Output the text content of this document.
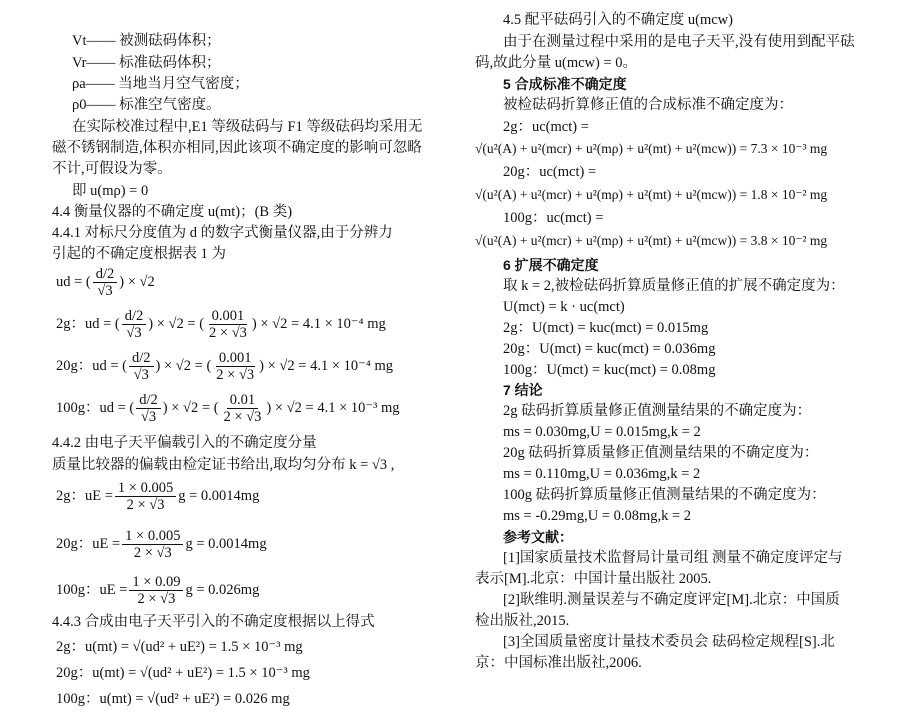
Vt—— 被测砝码体积；
Vr—— 标准砝码体积；
ρa—— 当地当月空气密度；
ρ0—— 标准空气密度。
在实际校准过程中,E1 等级砝码与 F1 等级砝码均采用无
磁不锈钢制造,体积亦相同,因此该项不确定度的影响可忽略
不计,可假设为零。
即 u(mρ) = 0
4.4 衡量仪器的不确定度 u(mt)；(B 类)
4.4.1 对标尺分度值为 d 的数字式衡量仪器,由于分辨力
引起的不确定度根据表 1 为
ud = ( $\frac{d/2}{√3}$ ) × √2
2g：ud = ( $\frac{d/2}{√3}$ ) × √2 = ( $\frac{0.001}{2 \times √3}$ ) × √2 = 4.1 × 10⁻⁴ mg
20g：ud = ( $\frac{d/2}{√3}$ ) × √2 = ( $\frac{0.001}{2 \times √3}$ ) × √2 = 4.1 × 10⁻⁴ mg
100g：ud = ( $\frac{d/2}{√3}$ ) × √2 = ( $\frac{0.01}{2 \times √3}$ ) × √2 = 4.1 × 10⁻³ mg
4.4.2 由电子天平偏载引入的不确定度分量
质量比较器的偏载由检定证书给出,取均匀分布 k = √3 ,
2g：uE = $\frac{1 \times 0.005}{2 \times √3}$ g = 0.0014mg
20g：uE = $\frac{1 \times 0.005}{2 \times √3}$ g = 0.0014mg
100g：uE = $\frac{1 \times 0.09}{2 \times √3}$ g = 0.026mg
4.4.3 合成由电子天平引入的不确定度根据以上得式
2g：u(mt) = √(ud² + uE²) = 1.5 × 10⁻³ mg
20g：u(mt) = √(ud² + uE²) = 1.5 × 10⁻³ mg
100g：u(mt) = √(ud² + uE²) = 0.026 mg
4.5 配平砝码引入的不确定度 u(mcw)
由于在测量过程中采用的是电子天平,没有使用到配平砝
码,故此分量 u(mcw) = 0。
5 合成标准不确定度
被检砝码折算修正值的合成标准不确定度为：
2g：uc(mct) =
√(u²(A) + u²(mcr) + u²(mρ) + u²(mt) + u²(mcw)) = 7.3 × 10⁻³ mg
20g：uc(mct) =
√(u²(A) + u²(mcr) + u²(mρ) + u²(mt) + u²(mcw)) = 1.8 × 10⁻² mg
100g：uc(mct) =
√(u²(A) + u²(mcr) + u²(mρ) + u²(mt) + u²(mcw)) = 3.8 × 10⁻² mg
6 扩展不确定度
取 k = 2,被检砝码折算质量修正值的扩展不确定度为：
U(mct) = k · uc(mct)
2g：U(mct) = kuc(mct) = 0.015mg
20g：U(mct) = kuc(mct) = 0.036mg
100g：U(mct) = kuc(mct) = 0.08mg
7 结论
2g 砝码折算质量修正值测量结果的不确定度为：
ms = 0.030mg,U = 0.015mg,k = 2
20g 砝码折算质量修正值测量结果的不确定度为：
ms = 0.110mg,U = 0.036mg,k = 2
100g 砝码折算质量修正值测量结果的不确定度为：
ms = -0.29mg,U = 0.08mg,k = 2
参考文献：
[1]国家质量技术监督局计量司组 测量不确定度评定与
表示[M].北京：中国计量出版社 2005.
[2]耿维明.测量误差与不确定度评定[M].北京：中国质
检出版社,2015.
[3]全国质量密度计量技术委员会 砝码检定规程[S].北
京：中国标准出版社,2006.
